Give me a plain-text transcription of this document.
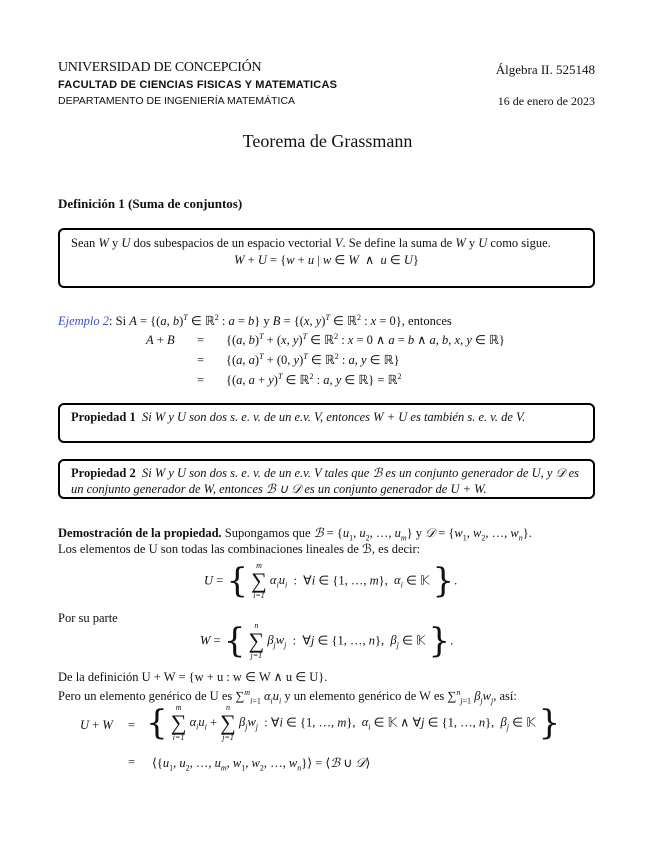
UNIVERSIDAD DE CONCEPCIÓN
FACULTAD DE CIENCIAS FISICAS Y MATEMATICAS
DEPARTAMENTO DE INGENIERÍA MATEMÁTICA
Álgebra II. 525148
16 de enero de 2023
Teorema de Grassmann
Definición 1 (Suma de conjuntos)

Sean W y U dos subespacios de un espacio vectorial V. Se define la suma de W y U como sigue.

W + U = {w + u | w ∈ W  ∧  u ∈ U}
Ejemplo 2: Si A = {(a, b)$^T$ ∈ ℝ$^2$ : a = b} y B = {(x, y)$^T$ ∈ ℝ$^2$ : x = 0}, entonces
A + B = {(a, b)$^T$ + (x, y)$^T$ ∈ ℝ$^2$ : x = 0 ∧ a = b ∧ a, b, x, y ∈ ℝ}
= {(a, a)$^T$ + (0, y)$^T$ ∈ ℝ$^2$ : a, y ∈ ℝ}
= {(a, a + y)$^T$ ∈ ℝ$^2$ : a, y ∈ ℝ} = ℝ$^2$

Propiedad 1 Si W y U son dos s. e. v. de un e.v. V, entonces W + U es también s. e. v. de V.

Propiedad 2 Si W y U son dos s. e. v. de un e.v. V tales que ℬ es un conjunto generador de U, y 𝒟 es un conjunto generador de W, entonces ℬ ∪ 𝒟 es un conjunto generador de U + W.

Demostración de la propiedad. Supongamos que ℬ = {$u_1$, $u_2$, …, $u_m$} y 𝒟 = {$w_1$, $w_2$, …, $w_n$}.
Los elementos de U son todas las combinaciones lineales de ℬ, es decir:
U = { m
∑
i=1
$\alpha_iu_i$  :  ∀i ∈ {1, …, m},  $\alpha_i$ ∈ 𝕂 }.
Por su parte
W = { n
∑
j=1
$\beta_jw_j$  :  ∀j ∈ {1, …, n},  $\beta_j$ ∈ 𝕂 }.
De la definición U + W = {w + u : w ∈ W ∧ u ∈ U}.
Pero un elemento genérico de U es ∑$^m_{i=1}$ $\alpha_iu_i$ y un elemento genérico de W es ∑$^n_{j=1}$ $\beta_jw_j$, así:
U + W = { m
∑
i=1
$\alpha_iu_i$ +
n
∑
j=1
$\beta_jw_j$  : ∀i ∈ {1, …, m},  $\alpha_i$ ∈ 𝕂 ∧ ∀j ∈ {1, …, n},  $\beta_j$ ∈ 𝕂 }
= $⟨\{u_1$, $u_2$, …, $u_m$, $w_1$, $w_2$, …, $w_n\}⟩$ = ⟨ℬ ∪ 𝒟⟩
